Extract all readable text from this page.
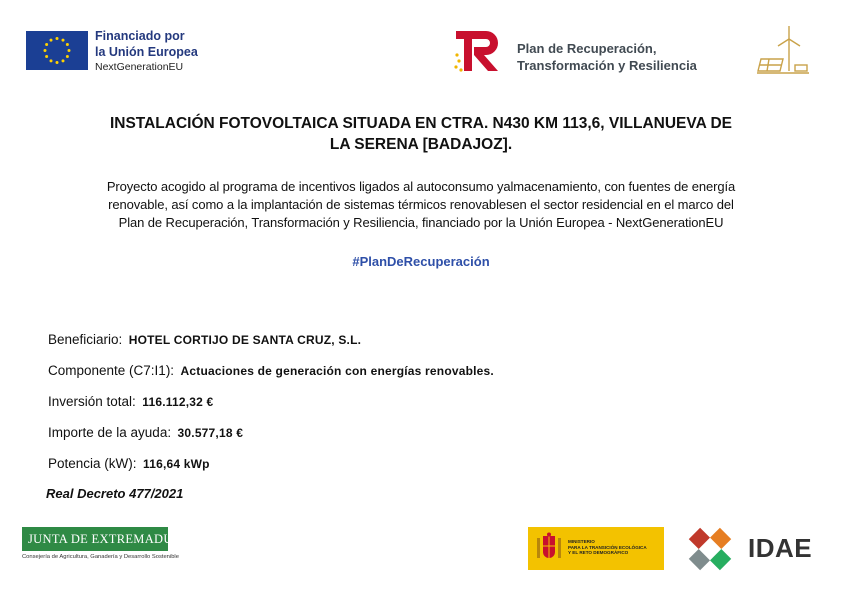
Financiado por
la Unión Europea
NextGenerationEU
Plan de Recuperación,
Transformación y Resiliencia
INSTALACIÓN FOTOVOLTAICA SITUADA EN CTRA. N430 KM 113,6, VILLANUEVA DE
LA SERENA [BADAJOZ].
Proyecto acogido al programa de incentivos ligados al autoconsumo yalmacenamiento, con fuentes de energía
renovable, así como a la implantación de sistemas térmicos renovablesen el sector residencial en el marco del
Plan de Recuperación, Transformación y Resiliencia, financiado por la Unión Europea - NextGenerationEU
#PlanDeRecuperación
Beneficiario: HOTEL CORTIJO DE SANTA CRUZ, S.L.
Componente (C7:I1): Actuaciones de generación con energías renovables.
Inversión total: 116.112,32 €
Importe de la ayuda: 30.577,18 €
Potencia (kW): 116,64 kWp
Real Decreto 477/2021
JUNTA DE EXTREMADURA
Consejería de Agricultura, Ganadería y Desarrollo Sostenible
MINISTERIO
PARA LA TRANSICIÓN ECOLÓGICA
Y EL RETO DEMOGRÁFICO	IDAE
